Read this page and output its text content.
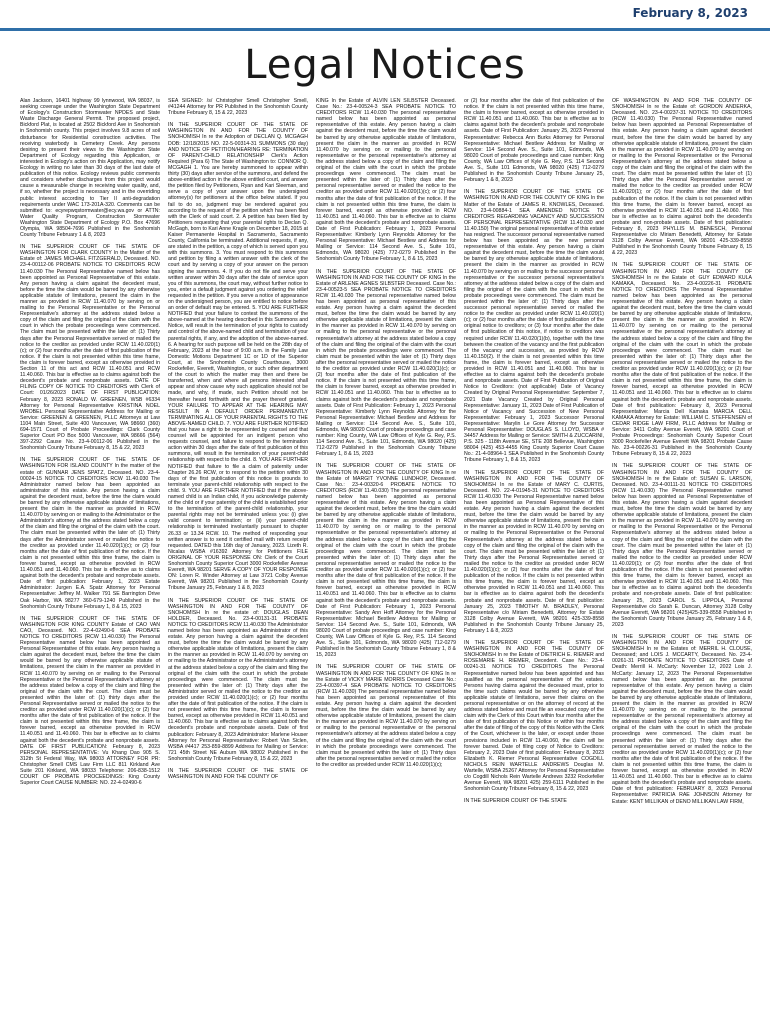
February 8, 2023
Legal Notices

Alan Jackson, 16401 highway 99 lynnwood, WA 98037, is seeking coverage under the Washington State Department of Ecology's Construction Stormwater NPDES and State Waste Discharge General Permit. The proposed project, Bickford Plat, is located at 2502 Bickford Ave in Snohomish in Snohomish county. This project involves 9.8 acres of soil disturbance for Residential construction activities. The receiving waterbody is Cemetery Creek. Any persons desiring to present their views to the Washington State Department of Ecology regarding this Application, or interested in Ecology's action on this Application, may notify Ecology in writing no later than 30 days of the last date of publication of this notice. Ecology reviews public comments and considers whether discharges from this project would cause a measurable change in receiving water quality, and, if so, whether the project is necessary and in the overriding public interest according to Tier II anti-degradation requirements under WAC 173-201A-320. Comments can be submitted to: ecyrepwqstormwater@ecy.wa.gov or ATTN: Water Quality Program, Construction Stormwater Washington State Department of Ecology P.O. Box 47696 Olympia, WA 98504-7696 Published in the Snohomish County Tribune February 1 & 8, 2023

IN THE SUPERIOR COURT OF THE STATE OF WASHINGTON FOR CLARK COUNTY In the Matter of the Estate of: JAMES MICHAEL FITZGERALD, Deceased. NO. 23-4-00112-06 PROBATE NOTICE TO CREDITORS RCW 11.40.030 The Personal Representative named below has been appointed as Personal Representative of this estate. Any person having a claim against the decedent must, before the time the claim would be barred by any otherwise applicable statute of limitations, present the claim in the manner as provided in RCW 11.40.070 by serving on or mailing to the Personal Representative or the Personal Representative's attorney at the address stated below a copy of the claim and filing the original of the claim with the court in which the probate proceedings were commenced. The claim must be presented within the later of: (1) Thirty days after the Personal Representative served or mailed the notice to the creditor as provided under RCW 11.40.020(1)(c); or (2) four months after the date of first publication of the notice. If the claim is not presented within this time frame, the claim is forever barred, except as otherwise provided in Section 11 of this act and RCW 11.40.051 and RCW 11.40.060. This bar is effective as to claims against both the decedent's probate and nonprobate assets. DATE OF FILING COPY OF NOTICE TO CREDITORS with Clerk of Court: 01/26/2023 DATE OF FIRST PUBLICATION: February 8, 2023 RONALD W. GREENEN, WSB #6334 Attorney for Personal Representative KRISTINA NOEL WROBEL Personal Representative Address for Mailing or Service: GREENEN & GREENEN, PLLC Attorneys at Law 1104 Main Street, Suite 400 Vancouver, WA 98660 (360) 694-1571 Court of Probate Proceedings: Clark County Superior Court PO Box 5000 Vancouver, WA 98666 (564) 397-2292 Cause No. 23-4-00112-06 Published in the Snohomish County Tribune February 8, 15 & 22, 2023

IN THE SUPERIOR COURT OF THE STATE OF WASHINGTON FOR ISLAND COUNTY In the matter of the estate of: GUNNAR JENS SPATZ, Deceased. NO. 23-4-00024-15 NOTICE TO CREDITORS RCW 11.40.030 The Administrator named below has been appointed as administrator of this estate. Any person having a claim against the decedent must, before the time the claim would be barred by any otherwise applicable statute of limitations, present the claim in the manner as provided in RCW 11.40.070 by serving on or mailing to the Administrator or the Administrator's attorney at the address stated below a copy of the claim and filing the original of the claim with the court. The claim must be presented within the later of: (1) Thirty days after the Administrator served or mailed the notice to the creditor as provided under 11.40.020(1)(c); or (2) four months after the date of first publication of the notice. If the claim is not presented within this time frame, the claim is forever barred, except as otherwise provided in RCW 11.40.051 and 11.40.060. This bar is effective as to claims against both the decedent's probate and nonprobate assets. Date of first publication: February 1, 2023 Estate Administrator: Jurgen E.A. Spatz Attorney for Personal Representative: Jeffrey M. Walker 791 SE Barrington Drive Oak Harbor, WA 98277 360-679-1240 Published in the Snohomish County Tribune February 1, 8 & 15, 2023

IN THE SUPERIOR COURT OF THE STATE OF WASHINGTON FOR KING COUNTY Estate of CAO VAN CAO, Deceased. NO. 22-4-02490-6 SEA PROBATE NOTICE TO CREDITORS (RCW 11.40.030) The Personal Representative named below has been appointed as Personal Representative of this estate. Any person having a claim against the decedent must, before the time the claim would be barred by any otherwise applicable statute of limitations, present the claim in the manner as provided in RCW 11.40.070 by serving on or mailing to the Personal Representative or the Personal Representative's attorney at the address stated below a copy of the claim and filing the original of the claim with the court. The claim must be presented within the later of: (1) thirty days after the Personal Representative served or mailed the notice to the creditor as provided under RCW 11.40.020(1)(c); or (2) four months after the date of first publication of the notice. If the claim is not presented within this time frame, the claim is forever barred, except as otherwise provided in RCW 11.40.051 and 11.40.060. This bar is effective as to claims against both the decedent's probate and nonprobate assets. DATE OF FIRST PUBLICATION: February 8, 2023 PERSONAL REPRESENTATIVE: Vu Khang Dao 905 S. 312th St Federal Way, WA 98003 ATTORNEY FOR PR: Christopher Smell CMS Law Firm LLC 811 Kirkland Ave Suite 201 Kirkland, WA 98033 Telephone: 206-838-1512 COURT OF PROBATE PROCEEDINGS: King County Superior Court CAUSE NUMBER: NO. 22-4-02490-6

SEA SIGNED: /s/ Christopher Smell Christopher Smell, #41244 Attorney for PR Published in the Snohomish County Tribune February 8, 15 & 22, 2023

IN THE SUPERIOR COURT OF THE STATE OF WASHINGTON IN AND FOR THE COUNTY OF SNOHOMISH In re the Adoption of DECLAN Q. MCGAGH DOB: 12/18/2015 NO. 22-5-00314-31 SUMMONS (30 day) AND NOTICE OF PETITION/HEARING RE: TERMINATION OF PARENT-CHILD RELATIONSHIP Clerk's Action Required (Para 6) The State of Washington to: CONNOR Q. MCGAGH 1. You are hereby summoned to appear within thirty (30) days after service of the summons, and defend the above-entitled action in the above entitled court, and answer the petition filed by Petitioners, Ryan and Kari Sleeman, and serve a copy of your answer upon the undersigned attorney(s) for petitioners at the office below stated. If you fail to do so, judgment may be rendered against you according to the request of the petition which has been filed with the Clerk of said court. 2. A petition has been filed by Petitioners requesting that your parental rights to Declan Q. McGagh, born to Kari Anne Kragle on December 18, 2015 at Kaiser Permanente Hospital in Sacramento, Sacramento County, California be terminated. Additional requests, if any, are stated in the petition, a copy of which is served upon you with this summons. 3. You must respond to this summons and petition by filing a written answer with the clerk of the court and by serving a copy of your answer on the person signing the summons. 4. If you do not file and serve your written answer within 30 days after the date of service upon you of this summons, the court may, without further notice to you, enter a default judgment against you ordering the relief requested in the petition. If you serve a notice of appearance on the undersigned person, you are entitled to notice before an order of default may be entered. 5. YOU ARE FURTHER NOTIFIED that your failure to contest the summons of the above-named at the hearing described in this Summons and Notice, will result in the termination of your rights to custody and control of the above-named child and termination of your parental rights, if any, and the adoption of the above-named. 6. A hearing for such purpose will be held on the 28th day of February, 2023 at the hour of 9:00 a.m. in the Family Law Domestic Motions Department 1C or 1D of the Superior Court, at the Snohomish County Courthouse, 3000 Rockefeller, Everett, Washington, or such other department of the court to which the matter may then and there be transferred, when and where all persons interested shall appear and show cause why such application should not be made, and why, if made, such Petition should not be thereafter heard forthwith and the prayer thereof granted. YOUR FAILURE TO APPEAR AT THE HEARING MAY RESULT IN A DEFAULT ORDER PERMANENTLY TERMINATING ALL OF YOUR PARENTAL RIGHTS TO THE ABOVE-NAMED CHILD. 7. YOU ARE FURTHER NOTIFIED that you have a right to be represented by counsel and that counsel will be appointed for an indigent person who requests counsel, and failure to respond to the termination action within 30 days after the date of first publication of this summons, will result in the termination of your parent-child relationship with respect to the child. 8. YOU ARE FURTHER NOTIFIED that failure to file a claim of paternity under Chapter 26.26 RCW, or to respond to the petition within 30 days of the first publication of this notice is grounds to terminate your parent-child relationship with respect to the child. 9. YOU ARE FURTHER NOTIFIED that if the above-named child is an Indian child, if you acknowledge paternity of the child or if your paternity of the child is established prior to the termination of the parent-child relationship, your parental rights may not be terminated unless you: (i) give valid consent to termination; or (ii) your parent-child relationship is terminated involuntarily pursuant to chapter 26.33 or 13.34 RCW. 10. The method of responding your written answer is to send it certified mail with return receipt requested. DATED this 16th day of January, 2023. Lizeth R. Nicalas WSBA #16392 Attorney for Petitioners FILE ORIGINAL OF YOUR RESPONSE ON: Clerk of the Court Snohomish County Superior Court 3000 Rockefeller Avenue Everett, WA 98201 SERVE A COPY OF YOUR RESPONSE ON: Loren R. Winder Attorney at Law 3721 Colby Avenue Everett, WA 98201 Published in the Snohomish County Tribune January 25, February 1 & 8, 2023

IN THE SUPERIOR COURT OF THE STATE OF WASHINGTON IN AND FOR THE COUNTY OF SNOHOMISH In re the estate of: DOUGLAS DEAN HOLDER, Deceased. No. 23-4-00131-31 PROBATE NOTICE TO CREDITORS RCW 11.40.030 The Administrator named below has been appointed as Administrator of this estate. Any person having a claim against the decedent must, before the time the claim would be barred by any otherwise applicable statute of limitations, present the claim in the manner as provided in RCW 11.40.070 by serving on or mailing to the Administrator or the Administrator's attorney at the address stated below a copy of the claim and filing the original of the claim with the court in which the probate proceedings were commenced. The claim must be presented within the later of: (1) Thirty days after the Administrator served or mailed the notice to the creditor as provided under RCW 11.40.020(1)(c); or (2) four months after the date of first publication of the notice. If the claim is not presented within this time frame, the claim is forever barred, except as otherwise provided in RCW 11.40.051 and 11.40.060. This bar is effective as to claims against both the decedent's probate and nonprobate assets. Date of first publication: February 8, 2023 Administrator: Marlene Houser Attorney for Personal Representative: Robert Van Siclen, WSBA #4417 253-859-8899 Address for Mailing or Service: 721 45th Street NE Auburn WA 98002 Published in the Snohomish County Tribune February 8, 15 & 22, 2023

IN THE SUPERIOR COURT OF THE STATE OF WASHINGTON IN AND FOR THE COUNTY OF

KING In the Estate of ALVIN LEN SILBSTER Deceased. Case No.: 23-4-00524-3 SEA PROBATE NOTICE TO CREDITORS RCW 11.40.030 The personal representative named below has been appointed as personal representative of this estate. Any person having a claim against the decedent must, before the time the claim would be barred by any otherwise applicable statute of limitations, present the claim in the manner as provided in RCW 11.40.070 by serving on or mailing to the personal representative or the personal representative's attorney at the address stated below a copy of the claim and filing the original of the claim with the court in which the probate proceedings were commenced. The claim must be presented within the later of: (1) Thirty days after the personal representative served or mailed the notice to the creditor as provided under RCW 11.40.020(1)(c); or (2) four months after the date of first publication of the notice. If the claim is not presented within this time frame, the claim is forever barred, except as otherwise provided in RCW 11.40.051 and 11.40.060. This bar is effective as to claims against both the decedent's probate and nonprobate assets. Date of First Publication: February 1, 2023 Personal Representative: Kimberly Lynn Reynolds Attorney for the Personal Representative: Michael Bestlew and Address for Mailing or Service: 114 Second Ave. S., Suite 101, Edmonds, WA 98020 (425) 772-0279 Published in the Snohomish County Tribune February 1, 8 & 15, 2023

IN THE SUPERIOR COURT OF THE STATE OF WASHINGTON IN AND FOR THE COUNTY OF KING In the Estate of ARLENE AGNES SILBSTER Deceased. Case No.: 23-4-00523-5 SEA PROBATE NOTICE TO CREDITORS RCW 11.40.030 The personal representative named below has been appointed as personal representative of this estate. Any person having a claim against the decedent must, before the time the claim would be barred by any otherwise applicable statute of limitations, present the claim in the manner as provided in RCW 11.40.070 by serving on or mailing to the personal representative or the personal representative's attorney at the address stated below a copy of the claim and filing the original of the claim with the court in which the probate proceedings were commenced. The claim must be presented within the later of: (1) Thirty days after the personal representative served or mailed the notice to the creditor as provided under RCW 11.40.020(1)(c); or (2) four months after the date of first publication of the notice. If the claim is not presented within this time frame, the claim is forever barred, except as otherwise provided in RCW 11.40.051 and 11.40.060. This bar is effective as to claims against both the decedent's probate and nonprobate assets. Date of First Publication: February 1, 2023 Personal Representative: Kimberly Lynn Reynolds Attorney for the Personal Representative: Michael Bestlew and Address for Mailing or Service: 114 Second Ave. S., Suite 101, Edmonds, WA 98020 Court of probate proceedings and case number: King County, WA Law Offices of Kyle G. Rey, P.S. 114 Second Ave. S., Suite 101, Edmonds, WA 98020 (425) 712-0279 Published in the Snohomish County Tribune February 1, 8 & 15, 2023

IN THE SUPERIOR COURT OF THE STATE OF WASHINGTON IN AND FOR THE COUNTY OF KING In re the Estate of MARGIT YVONNE LUNDHOP, Deceased. Case No.: 23-4-00320-6 PROBATE NOTICE TO CREDITORS (RCW 11.40.030) The personal representative named below has been appointed as personal representative of this estate. Any person having a claim against the decedent must, before the time the claim would be barred by any otherwise applicable statute of limitations, present the claim in the manner as provided in RCW 11.40.070 by serving on or mailing to the personal representative or the personal representative's attorney at the address stated below a copy of the claim and filing the original of the claim with the court in which the probate proceedings were commenced. The claim must be presented within the later of: (1) Thirty days after the personal representative served or mailed the notice to the creditor as provided under RCW 11.40.020(1)(c); or (2) four months after the date of first publication of the notice. If the claim is not presented within this time frame, the claim is forever barred, except as otherwise provided in RCW 11.40.051 and 11.40.060. This bar is effective as to claims against both the decedent's probate and nonprobate assets. Date of First Publication: February 1, 2023 Personal Representative: Sandy Ann Hoff Attorney for the Personal Representative: Michael Bestlew Address for Mailing or Service: 114 Second Ave. S., Suite 101, Edmonds, WA 98020 Court of probate proceedings and case number: King County, WA Law Offices of Kyle G. Rey, P.S. 114 Second Ave. S., Suite 101, Edmonds, WA 98020 (425) 712-0279 Published in the Snohomish County Tribune February 1, 8 & 15, 2023

IN THE SUPERIOR COURT OF THE STATE OF WASHINGTON IN AND FOR THE COUNTY OF KING In re the Estate of VICKY MARIE MORRIS Deceased Case No.: 23-4-00397-4 SEA PROBATE NOTICE TO CREDITORS (RCW 11.40.030) The personal representative named below has been appointed as personal representative of this estate. Any person having a claim against the decedent must, before the time the claim would be barred by any otherwise applicable statute of limitations, present the claim in the manner as provided in RCW 11.40.070 by serving on or mailing to the personal representative or the personal representative's attorney at the address stated below a copy of the claim and filing the original of the claim with the court in which the probate proceedings were commenced. The claim must be presented within the later of: (1) Thirty days after the personal representative served or mailed the notice to the creditor as provided under RCW 11.40.020(1)(c);

or (2) four months after the date of first publication of the notice. If the claim is not presented within this time frame, the claim is forever barred, except as otherwise provided in RCW 11.40.051 and 11.40.060. This bar is effective as to claims against both the decedent's probate and nonprobate assets. Date of First Publication: January 25, 2023 Personal Representative: Rebecca Ann Burks Attorney for Personal Representative: Michael Bestlew Address for Mailing or Service: 114 Second Ave. S., Suite 101, Edmonds, WA 98020 Court of probate proceedings and case number: King County, WA Law Offices of Kyle G. Rey, P.S. 114 Second Ave. S., Suite 101 Edmonds, WA 98020 (425) 712-0279 Published in the Snohomish County Tribune January 25, February 1 & 8, 2023

IN THE SUPERIOR COURT OF THE STATE OF WASHINGTON IN AND FOR THE COUNTY OF KING In the Matter of the Estate of JAMES R. KNOWLES, Deceased. NO. 23-4-00884-1 SEA AMENDED NOTICE TO CREDITORS REGARDING VACANCY AND SUCCESSION OF PERSONAL REPRESENTATIVE (RCW 11.40.030 and 11.40.150) The original personal representative of this estate has resigned. The successor personal representative named below has been appointed as the new personal representative of this estate. Any person having a claim against the decedent must, before the time the claim would be barred by any otherwise applicable statute of limitations, present the claim in the manner as provided in RCW 11.40.070 by serving on or mailing to the successor personal representative or the successor personal representative's attorney at the address stated below a copy of the claim and filing the original of the claim with the court in which the probate proceedings were commenced. The claim must be presented within the later of: (1) Thirty days after the successor personal representative served or mailed the notice to the creditor as provided under RCW 11.40.020(1)(c); or (2) four months after the date of first publication of the original notice to creditors; or (3) four months after the date of first publication of this notice, if notice to creditors was required under RCW 11.40.020(1)(b), together with the time between the creation of the vacancy and the first publication of the vacancy and succession, as provided by RCW 11.40.150(2). If the claim is not presented within this time frame, the claim is forever barred, except as otherwise provided in RCW 11.40.051 and 11.40.060. This bar is effective as to claims against both the decedent's probate and nonprobate assets. Date of First Publication of Original Notice to Creditors: (not applicable) Date of Vacancy Created by Original Personal Representative: September 7, 2021 Date Vacancy Created by Original Personal Representative: January 11, 2023 Date of First Publication of Notice of Vacancy and Succession of New Personal Representative: February 1, 2023 Successor Personal Representative: Marylin Le Gore Attorney for Successor Personal Representative: DOUGLAS S. LLOYD, WSBA # 34457 Address for Mailing or Service: SMITH & ZUCCARINI, P.S. 325 - 118th Avenue SE, STE 208 Bellevue, Washington 98004 (425) 453-4455 King County Superior Court Cause No.: 21-4-08964-1 SEA Published in the Snohomish County Tribune February 1, 8 & 15, 2023

IN THE SUPERIOR COURT OF THE STATE OF WASHINGTON IN AND FOR THE COUNTY OF SNOHOMISH In re the Estate of MARY C. CURTIS, Deceased. NO. 22-4-01945-31 NOTICE TO CREDITORS RCW 11.40.030 The Personal Representative named below has been appointed as Personal Representative of this estate. Any person having a claim against the decedent must, before the time the claim would be barred by any otherwise applicable statute of limitations, present the claim in the manner as provided in RCW 11.40.070 by serving on or mailing to the Personal Representative or the Personal Representative's attorney at the address stated below a copy of the claim and filing the original of the claim with the court. The claim must be presented within the later of: (1) Thirty days after the Personal Representative served or mailed the notice to the creditor as provided under RCW 11.40.020(1)(c); or (2) four months after the date of first publication of the notice. If the claim is not presented within this time frame, the claim is forever barred, except as otherwise provided in RCW 11.40.051 and 11.40.060. This bar is effective as to claims against both the decedent's probate and nonprobate assets. Date of first publication: January 25, 2023 TIMOTHY M. BRADLEY, Personal Representative c/o Miriam Benedetti, Attorney for Estate 3128 Colby Avenue Everett, WA 98201 425-339-8558 Published in the Snohomish County Tribune January 25, February 1 & 8, 2023

IN THE SUPERIOR COURT OF THE STATE OF WASHINGTON IN AND FOR THE COUNTY OF SNOHOMISH In re the Estate of DIETRICH E. RIEMER and ROSEMARIE H. RIEMER, Decedent. Case No.: 23-4-00241-31 NOTICE TO CREDITORS The Personal Representative named below has been appointed and has qualified as the personal representative of the estates. Persons having claims against the deceased must, prior to the time such claims would be barred by any otherwise applicable statute of limitations, serve their claims on the personal representative or on the attorney of record at the address stated below and must file an executed copy of the claim with the Clerk of this Court within four months after the date of first publication of this Notice or within four months after the date of filing of the copy of this Notice with the Clerk of the Court, whichever is the later, or except under those provisions included in RCW 11.40.060, the claim will be forever barred. Date of filing copy of Notice to Creditors: February 2, 2023 Date of first publication: February 8, 2023 Elizabeth K. Riemer Personal Representative COGDILL NICHOLS REIN WARTELLE ANDREWS Douglas M. Wartelle, WSBA 25267 Attorney for Personal Representative c/o Cogdill Nichols Rein Wartelle Andrews 3232 Rockefeller Avenue Everett, WA 98201 425) 259-6111 Published in the Snohomish County Tribune February 8, 15 & 22, 2023

IN THE SUPERIOR COURT OF THE STATE

OF WASHINGTON IN AND FOR THE COUNTY OF SNOHOMISH In re the Estate of: GORDON ANDERKA, Deceased. NO. 23-4-00237-31 NOTICE TO CREDITORS (RCW 11.40.030) The Personal Representative named below has been appointed as Personal Representative of this estate. Any person having a claim against decedent must, before the time the claim would be barred by any otherwise applicable statute of limitations, present the claim in the manner as provided in RCW 11.40.070 by serving on or mailing to the Personal Representative or the Personal Representative's attorney at the address stated below a copy of the claim and filing the original of the claim with the court. The claim must be presented within the later of: (1) Thirty days after the Personal Representative served or mailed the notice to the creditor as provided under RCW 11.40.020(1); or (2) four months after the date of first publication of the notice. If the claim is not presented within this time frame, the claim is forever barred, except as otherwise provided in RCW 11.40.051 and 11.40.060. This bar is effective as to claims against both the decedent's probate and non-probate assets. Date of first publication: February 8, 2023 PHYLLIS M. BENESCH, Personal Representative c/o Miriam Benedetti, Attorney for Estate 3128 Colby Avenue Everett, WA 98201 425-339-8558 Published in the Snohomish County Tribune February 8, 15 & 22, 2023

IN THE SUPERIOR COURT OF THE STATE OF WASHINGTON IN AND FOR THE COUNTY OF SNOHOMISH In re the Estate of: GUY EDWARD KULA KAMAKA, Deceased. No. 23-4-00226-31 PROBATE NOTICE TO CREDITORS The Personal Representative named below has been appointed as the personal representative of this estate. Any person having a claim against the decedent must, before the time the claim would be barred by any otherwise applicable statute of limitations, present the claim in the manner as provided in RCW 11.40.070 by serving on or mailing to the personal representative or the personal representative's attorney at the address stated below a copy of the claim and filing the original of the claim with the court in which the probate proceedings were commenced. The claim must be presented within the later of: (1) Thirty days after the personal representative served or mailed the notice to the creditor as provided under RCW 11.40.020(1)(c); or (2) four months after the date of first publication of the notice. If the claim is not presented within this time frame, the claim is forever barred, except as otherwise provided in RCW 11.40.051 and 11.40.060. This bar is effective as to claims against both the decedent's probate and nonprobate assets. Date of first publication: February 8, 2023 Personal Representative: Marcia Dell Kamaka MARCIA DELL KAMAKA Attorney for Estate: WILLIAM C. STEFFENSEN of CEDAR RIDGE LAW FIRM, PLLC Address for Mailing or Service: 3411 Colby Avenue Everett, WA 98201 Court of Probate Proceedings: Snohomish County Superior Court 3000 Rockefeller Avenue Everett WA 98201 Probate Cause No. 23-4-00226-31 Published in the Snohomish County Tribune February 8, 15 & 22, 2023

IN THE SUPERIOR COURT OF THE STATE OF WASHINGTON IN AND FOR THE COUNTY OF SNOHOMISH In re the Estate of: SUSAN E. LARSON, Deceased. NO. 23-4-00111-31 NOTICE TO CREDITORS (RCW 11.40.030) The Personal Representative named below has been appointed as Personal Representative of this estate. Any person having a claim against decedent must, before the time the claim would be barred by any otherwise applicable statute of limitations, present the claim in the manner as provided in RCW 11.40.070 by serving on or mailing to the Personal Representative or the Personal Representative's attorney at the address stated below a copy of the claim and filing the original of the claim with the court. The claim must be presented within the later of: (1) Thirty days after the Personal Representative served or mailed the notice to the creditor as provided under RCW 11.40.020(1); or (2) four months after the date of first publication of the notice. If the claim is not presented within this time frame, the claim is forever barred, except as otherwise provided in RCW 11.40.051 and 11.40.060. This bar is effective as to claims against both the decedent's probate and non-probate assets. Date of first publication: January 25, 2023 CAROL S. LIPPOLA, Personal Representative c/o Sarah E. Duncan, Attorney 3128 Colby Avenue Everett, WA 98201 (425)425-339-8558 Published in the Snohomish County Tribune January 25, February 1 & 8, 2023

IN THE SUPERIOR COURT OF THE STATE OF WASHINGTON IN AND FOR THE COUNTY OF SNOHOMISH In re the Estates of: MERRIL H. CLOUSE, Deceased; and LOIS J. MCCARTY, Deceased. No. 23-4-00261-31 PROBATE NOTICE TO CREDITORS Date of Death: Merrill H. McCarty: November 12, 2022 Lois J. McCarty: January 12, 2023 The Personal Representative named below has been appointed as the personal representative of this estate. Any person having a claim against the decedent must, before the time the claim would be barred by any otherwise applicable statute of limitations, present the claim in the manner as provided in RCW 11.40.070 by serving on or mailing to the personal representative or the personal representative's attorney at the address stated below a copy of the claim and filing the original of the claim with the court in which the probate proceedings were commenced. The claim must be presented within the later of: (1) Thirty days after the personal representative served or mailed the notice to the creditor as provided under RCW 11.40.020(1)(c); or (2) four months after the date of first publication of the notice. If the claim is not presented within this time frame, the claim is forever barred, except as otherwise provided in RCW 11.40.051 and 11.40.060. This bar is effective as to claims against both the decedent's probate and nonprobate assets. Date of first publication: FEBRUARY 8, 2023 Personal Representative: PATRICIA RAE JOHNSON Attorney for Estate: KENT MILLIKAN of DENO MILLIKAN LAW FIRM,
